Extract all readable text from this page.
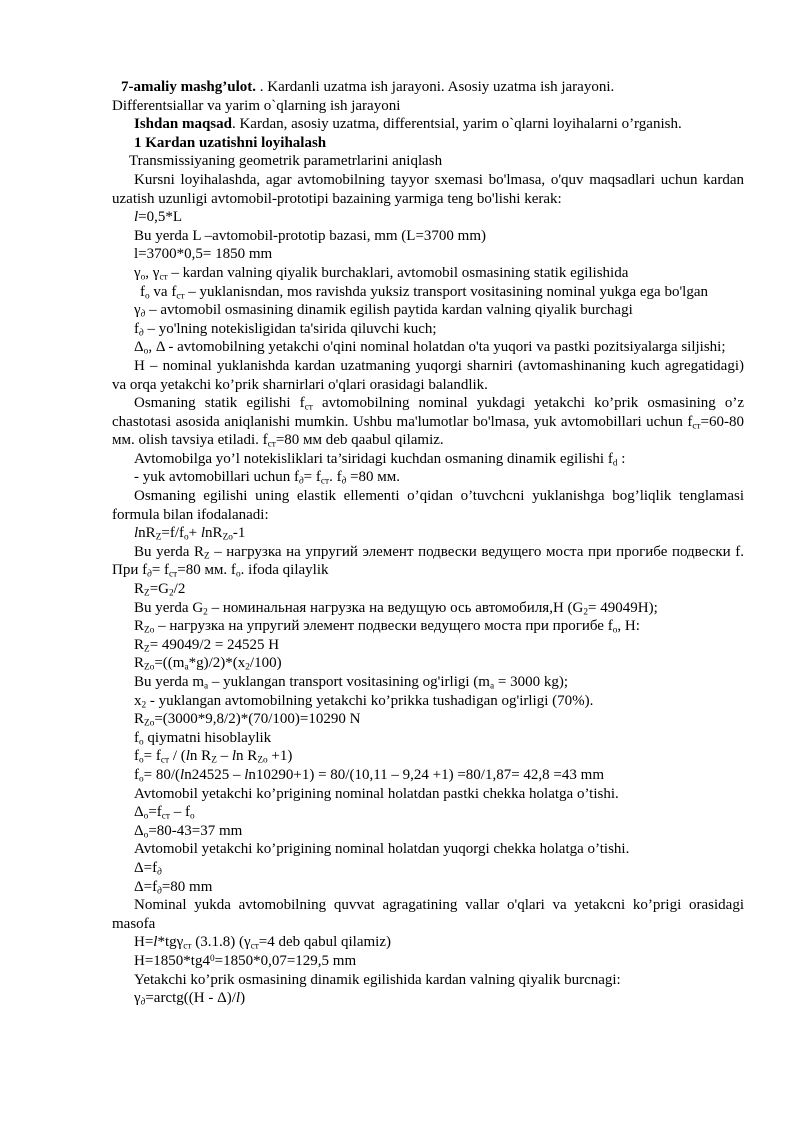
7-amaliy mashg’ulot. . Kardanli uzatma ish jarayoni. Asosiy uzatma ish jarayoni.
Differentsiallar va yarim o`qlarning ish jarayoni

Ishdan maqsad. Kardan, asosiy uzatma, differentsial, yarim o`qlarni loyihalarni o’rganish.

1 Kardan uzatishni loyihalash

Transmissiyaning geometrik parametrlarini aniqlash

Kursni loyihalashda, agar avtomobilning tayyor sxemasi bo'lmasa, o'quv maqsadlari uchun kardan uzatish uzunligi avtomobil-prototipi bazaining yarmiga teng bo'lishi kerak:

l=0,5*L

Bu yerda L –avtomobil-prototip bazasi, mm (L=3700 mm)

l=3700*0,5= 1850 mm

$\gamma_о$, $\gamma_{ст}$ – kardan valning qiyalik burchaklari, avtomobil osmasining statik egilishida

$f_о$ va $f_{ст}$ – yuklanisndan, mos ravishda yuksiz transport vositasining nominal yukga ega bo'lgan

$\gamma_д$ – avtomobil osmasining dinamik egilish paytida kardan valning qiyalik burchagi

$f_д$ – yo'lning notekisligidan ta'sirida qiluvchi kuch;

$\Delta_о$, Δ - avtomobilning yetakchi o'qini nominal holatdan o'ta yuqori va pastki pozitsiyalarga siljishi;

H – nominal yuklanishda kardan uzatmaning yuqorgi sharniri (avtomashinaning kuch agregatidagi) va orqa yetakchi ko’prik sharnirlari o'qlari orasidagi balandlik.

Osmaning statik egilishi $f_{ст}$ avtomobilning nominal yukdagi yetakchi ko’prik osmasining o’z chastotasi asosida aniqlanishi mumkin. Ushbu ma'lumotlar bo'lmasa, yuk avtomobillari uchun $f_{ст}=60-80$ мм. olish tavsiya etiladi. $f_{ст}=80$ мм deb qaabul qilamiz.

Avtomobilga yo’l notekisliklari ta’siridagi kuchdan osmaning dinamik egilishi $f_d$ :

- yuk avtomobillari uchun $f_д= f_{ст}$. $f_д =80$ мм.

Osmaning egilishi uning elastik ellementi o’qidan o’tuvchcni yuklanishga bog’liqlik tenglamasi formula bilan ifodalanadi:

$\ln R_Z=f/f_о+ \ln R_{Zо}-1$

Bu yerda $R_Z$ – нагрузка на упругий элемент подвески ведущего моста при прогибе подвески f. При $f_д= f_{ст}=80$ мм. $f_о$. ifoda qilaylik

$R_Z=G_2/2$

Bu yerda $G_2$ – номинальная нагрузка на ведущую ось автомобиля,Н $(G_2= 49049Н)$;

$R_{Zо}$ – нагрузка на упругий элемент подвески ведущего моста при прогибе $f_о$, Н:

$R_Z= 49049/2 = 24525$ Н

$R_{Zо}=((m_a*g)/2)*(x_2/100)$

Bu yerda $m_a$ – yuklangan transport vositasining og'irligi ($m_a = 3000$ kg);

$x_2$ - yuklangan avtomobilning yetakchi ko’prikka tushadigan og'irligi (70%).

$R_{Zо}=(3000*9,8/2)*(70/100)=10290$ N

$f_о$ qiymatni hisoblaylik

$f_о= f_{ст} / (\ln$ $R_Z - \ln R_{Zо} +1$)

$f_о= 80/(\ln 24525 - \ln 10290+1) = 80/(10,11 - 9,24 +1) =80/1,87= 42,8 =43$ mm

Avtomobil yetakchi ko’prigining nominal holatdan pastki chekka holatga o’tishi.

$\Delta_о=f_{ст} - f_о$

$\Delta_о=80-43=37$ mm

Avtomobil yetakchi ko’prigining nominal holatdan yuqorgi chekka holatga o’tishi.

$\Delta=f_д$

$\Delta=f_д=80$ mm

Nominal yukda avtomobilning quvvat agragatining vallar o'qlari va yetakcni ko’prigi orasidagi masofa

H=l*tgγ$_{ст}$ (3.1.8) ($\gamma_{ст}=4$ deb qabul qilamiz)

$H=1850*tg4^0=1850*0,07=129,5$ mm

Yetakchi ko’prik osmasining dinamik egilishida kardan valning qiyalik burcnagi:

$\gamma_д=arctg((H - \Delta)/l)$
